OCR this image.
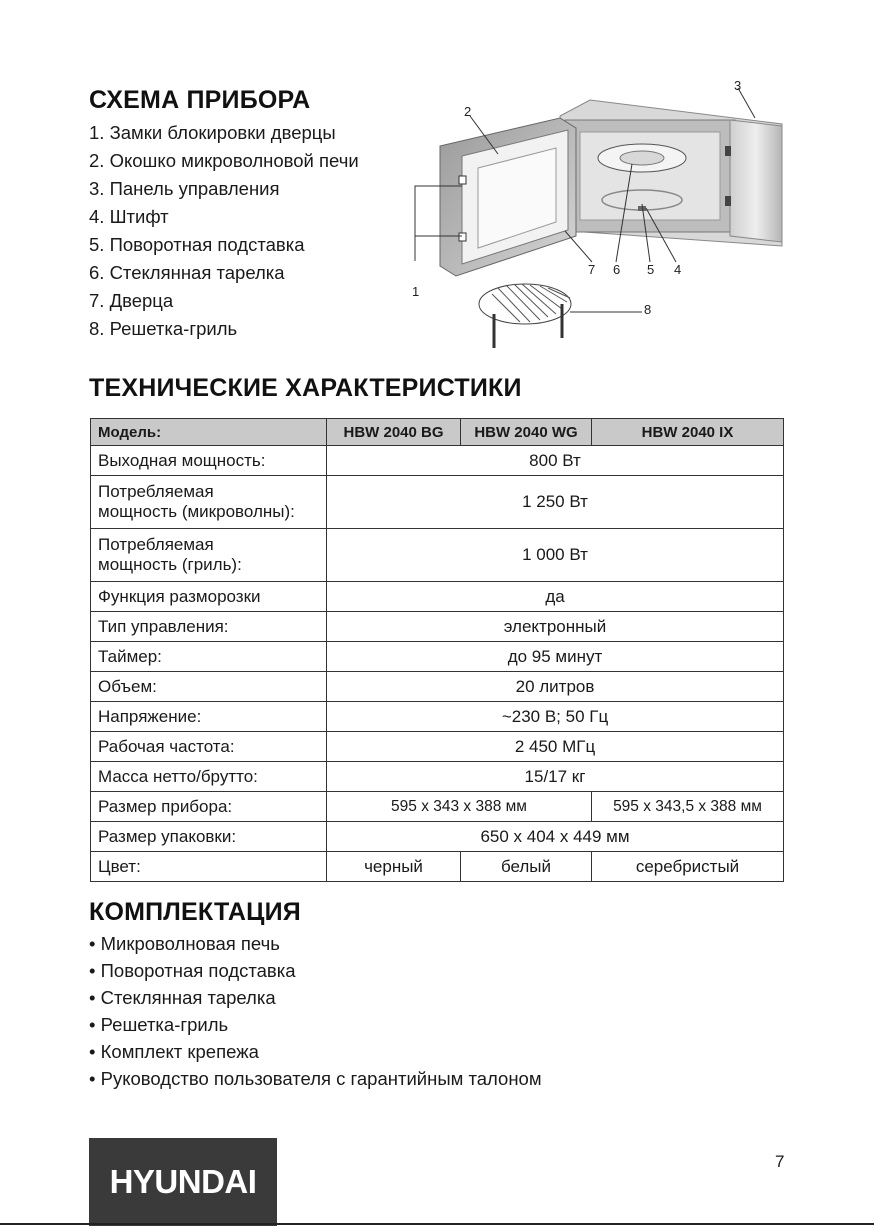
СХЕМА ПРИБОРА
1. Замки блокировки дверцы
2. Окошко микроволновой печи
3. Панель управления
4. Штифт
5. Поворотная подставка
6. Стеклянная тарелка
7. Дверца
8. Решетка-гриль
1
2
3
4
5
6
7
8
ТЕХНИЧЕСКИЕ ХАРАКТЕРИСТИКИ
Модель:	HBW 2040 BG	HBW 2040 WG	HBW 2040 IX
Выходная мощность:	800 Вт		
Потребляемая
мощность (микроволны):	1 250 Вт		
Потребляемая
мощность (гриль):	1 000 Вт		
Функция разморозки	да		
Тип управления:	электронный		
Таймер:	до 95 минут		
Объем:	20 литров		
Напряжение:	~230 В; 50 Гц		
Рабочая частота:	2 450 МГц		
Масса нетто/брутто:	15/17 кг		
Размер прибора:	595 х 343 х 388 мм		595 х 343,5 х 388 мм
Размер упаковки:	650 х 404 х 449 мм		
Цвет:	черный	белый	серебристый
КОМПЛЕКТАЦИЯ
• Микроволновая печь
• Поворотная подставка
• Стеклянная тарелка
• Решетка-гриль
• Комплект крепежа
• Руководство пользователя с гарантийным талоном
HYUNDAI
7
